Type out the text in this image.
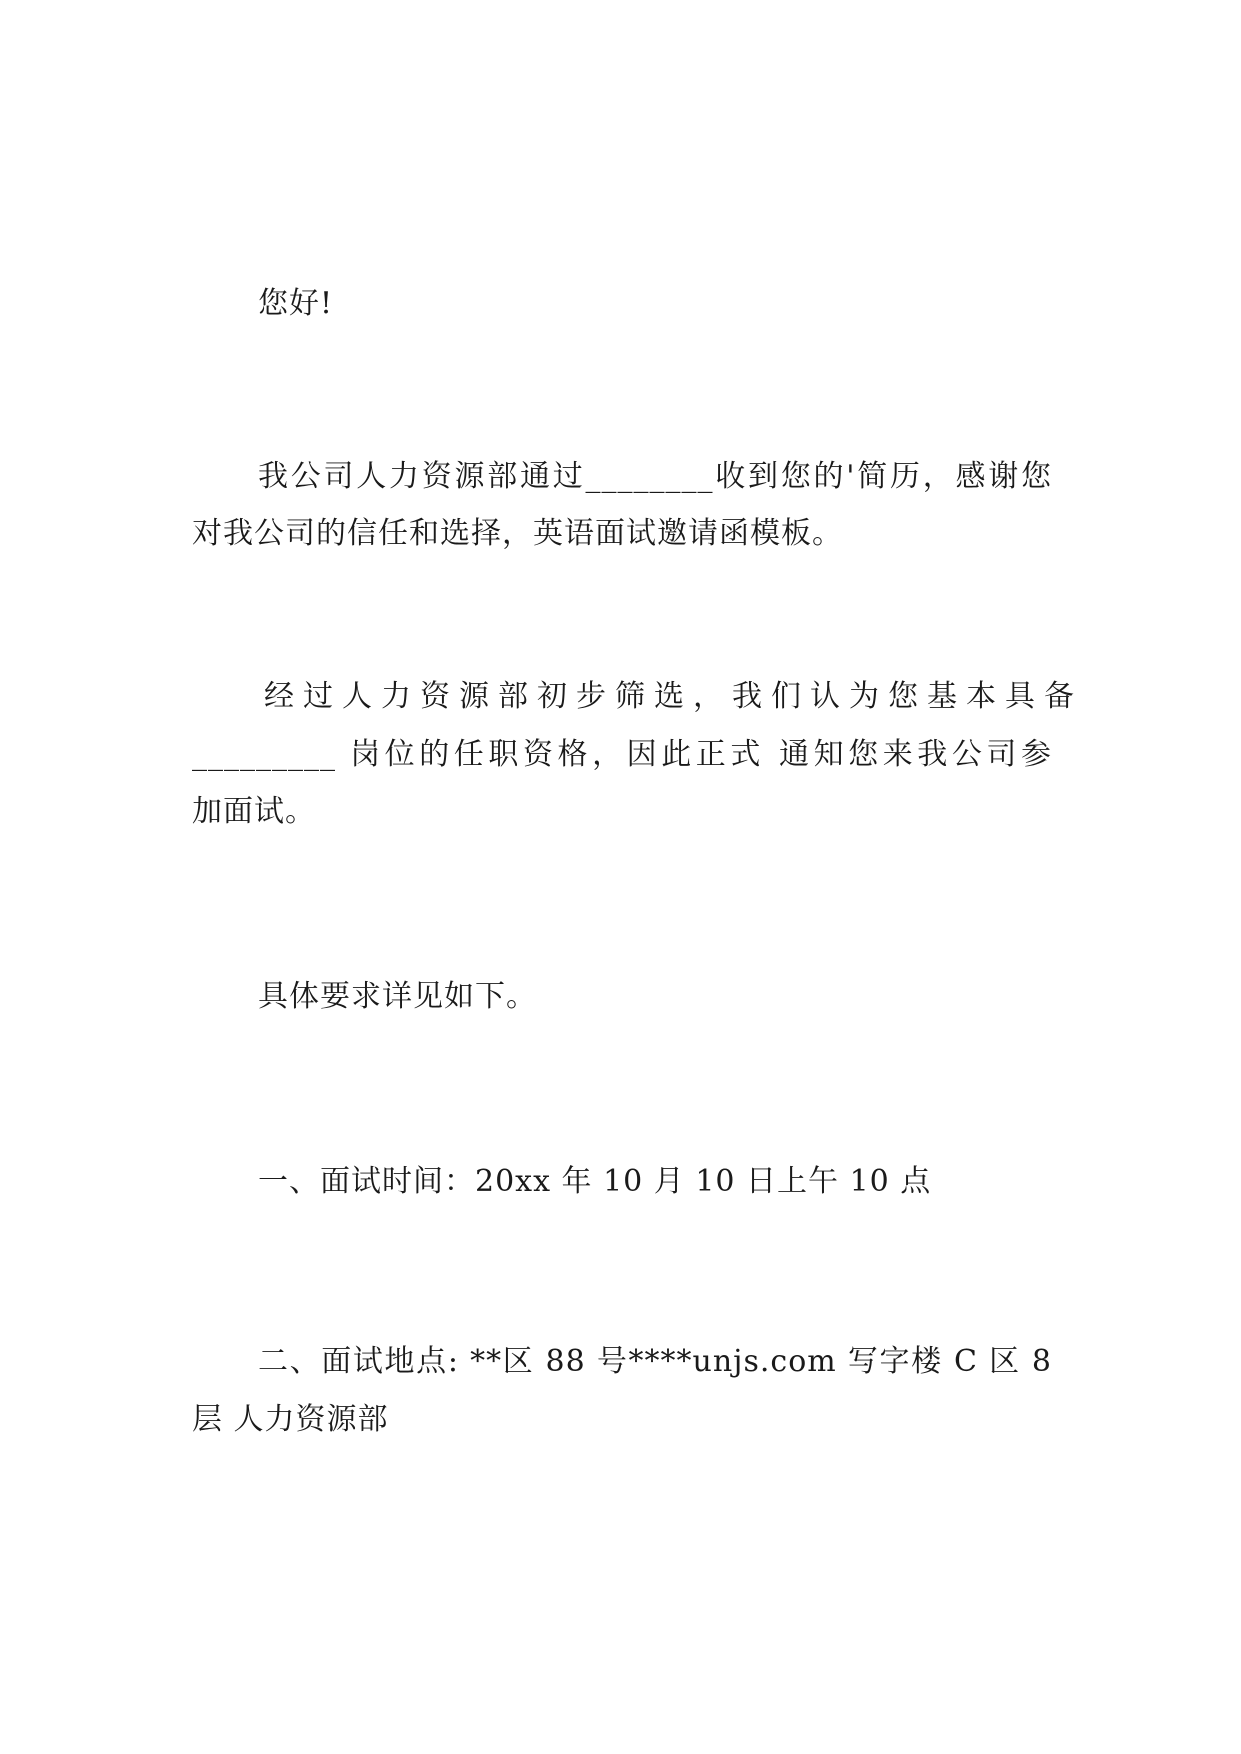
您好!
我公司人力资源部通过________收到您的'简历，感谢您
对我公司的信任和选择，英语面试邀请函模板。
经过人力资源部初步筛选，我们认为您基本具备
_________ 岗位的任职资格，因此正式 通知您来我公司参
加面试。
具体要求详见如下。
一、面试时间：20xx 年 10 月 10 日上午 10 点
二、面试地点: **区 88 号****unjs.com 写字楼 C 区 8
层 人力资源部
